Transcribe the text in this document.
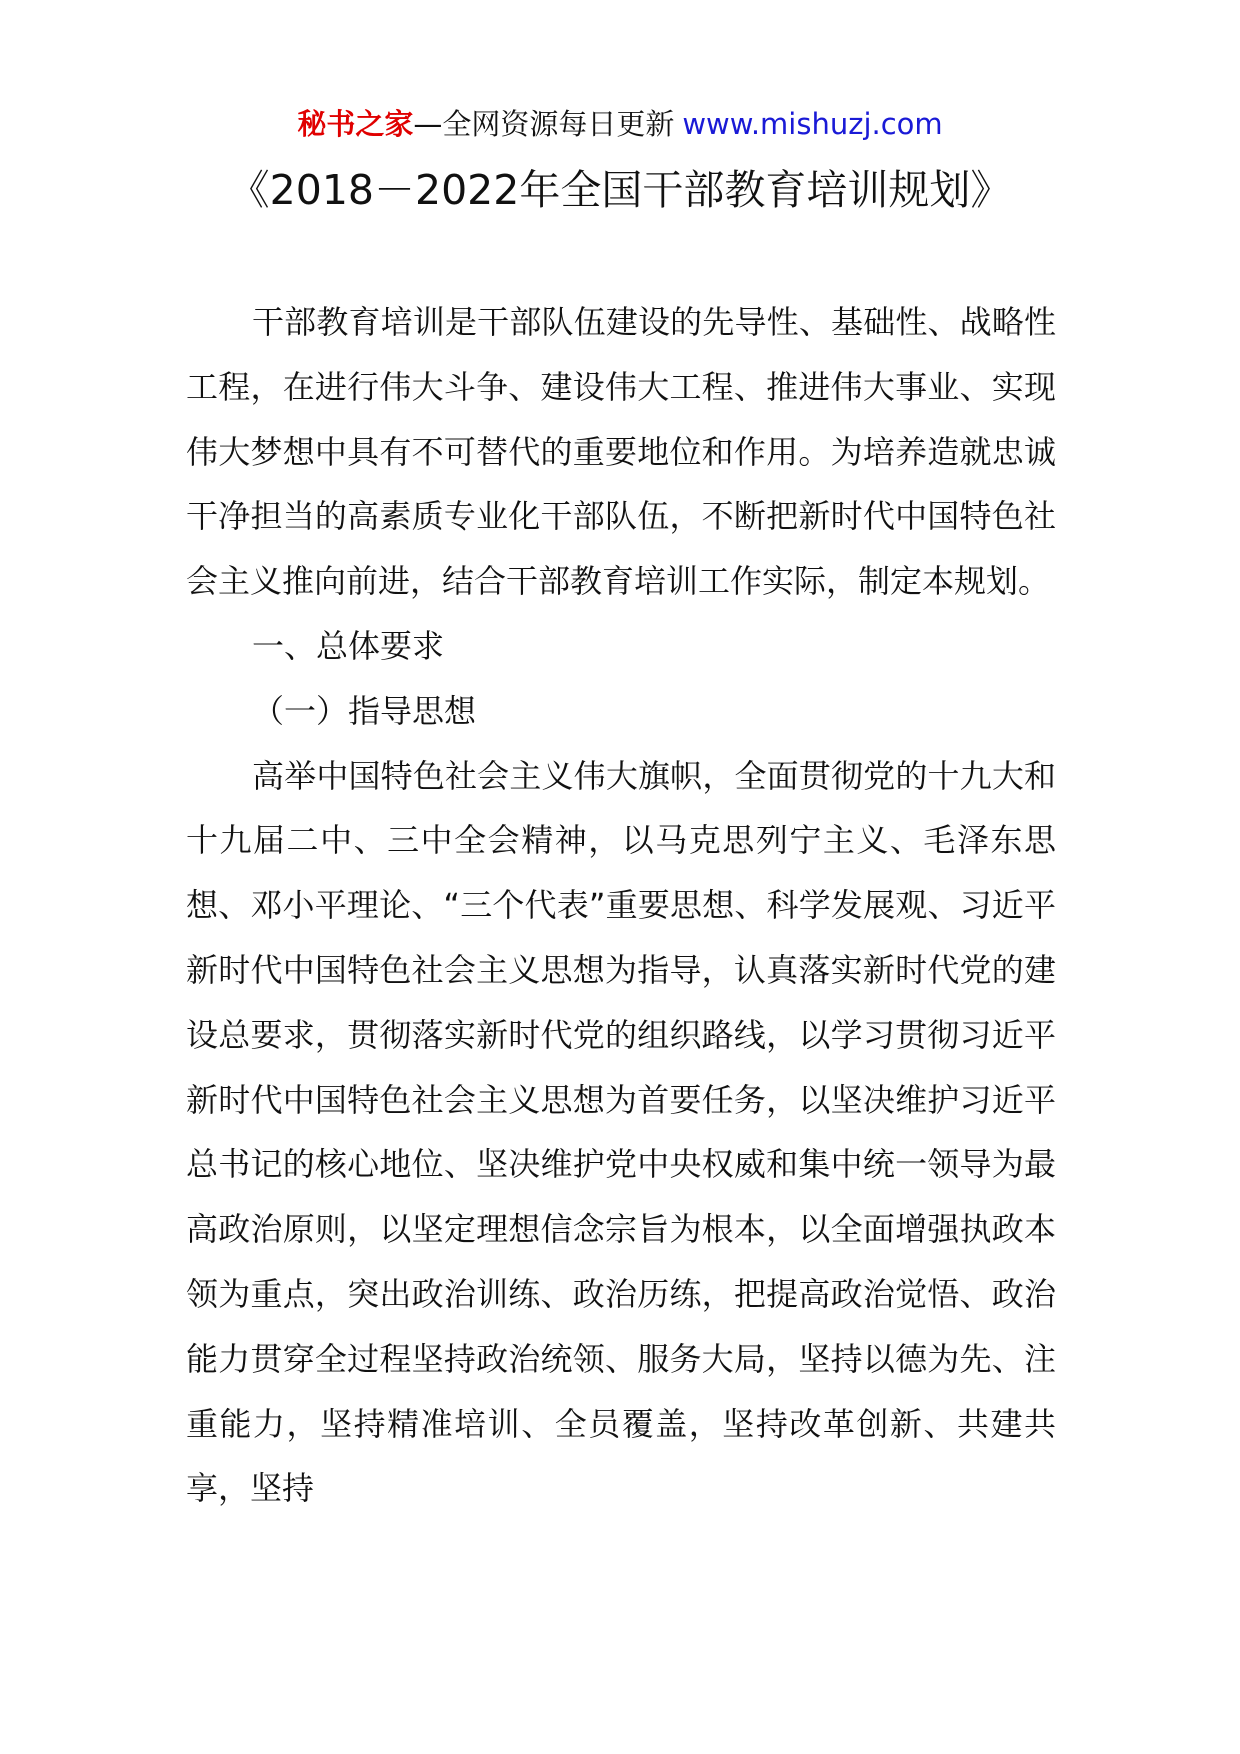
秘书之家—全网资源每日更新 www.mishuzj.com
《2018－2022年全国干部教育培训规划》

干部教育培训是干部队伍建设的先导性、基础性、战略性工程，在进行伟大斗争、建设伟大工程、推进伟大事业、实现伟大梦想中具有不可替代的重要地位和作用。为培养造就忠诚干净担当的高素质专业化干部队伍，不断把新时代中国特色社会主义推向前进，结合干部教育培训工作实际，制定本规划。

一、总体要求

（一）指导思想

高举中国特色社会主义伟大旗帜，全面贯彻党的十九大和十九届二中、三中全会精神，以马克思列宁主义、毛泽东思想、邓小平理论、“三个代表”重要思想、科学发展观、习近平新时代中国特色社会主义思想为指导，认真落实新时代党的建设总要求，贯彻落实新时代党的组织路线，以学习贯彻习近平新时代中国特色社会主义思想为首要任务，以坚决维护习近平总书记的核心地位、坚决维护党中央权威和集中统一领导为最高政治原则，以坚定理想信念宗旨为根本，以全面增强执政本领为重点，突出政治训练、政治历练，把提高政治觉悟、政治能力贯穿全过程坚持政治统领、服务大局，坚持以德为先、注重能力，坚持精准培训、全员覆盖，坚持改革创新、共建共享，坚持
